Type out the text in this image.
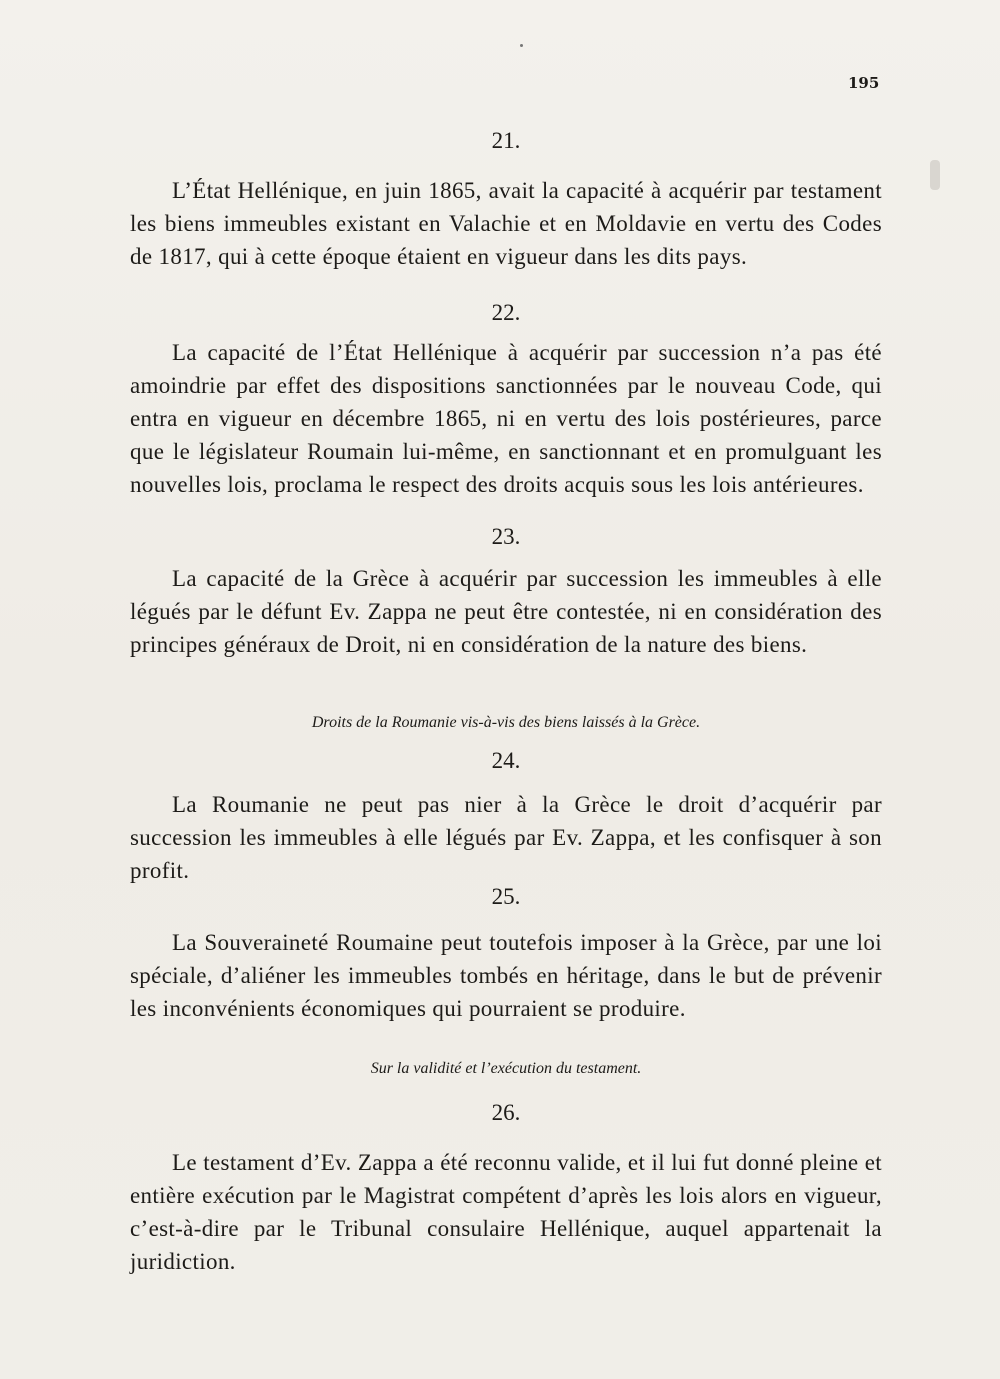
195
21.
L’État Hellénique, en juin 1865, avait la capacité à acquérir par testament les biens immeubles existant en Valachie et en Moldavie en vertu des Codes de 1817, qui à cette époque étaient en vigueur dans les dits pays.
22.
La capacité de l’État Hellénique à acquérir par succession n’a pas été amoindrie par effet des dispositions sanctionnées par le nouveau Code, qui entra en vigueur en décembre 1865, ni en vertu des lois postérieures, parce que le législateur Roumain lui-même, en sanctionnant et en promulguant les nouvelles lois, proclama le respect des droits acquis sous les lois antérieures.
23.
La capacité de la Grèce à acquérir par succession les immeubles à elle légués par le défunt Ev. Zappa ne peut être contestée, ni en considération des principes généraux de Droit, ni en considération de la nature des biens.
Droits de la Roumanie vis-à-vis des biens laissés à la Grèce.
24.
La Roumanie ne peut pas nier à la Grèce le droit d’acquérir par succession les immeubles à elle légués par Ev. Zappa, et les confisquer à son profit.
25.
La Souveraineté Roumaine peut toutefois imposer à la Grèce, par une loi spéciale, d’aliéner les immeubles tombés en héritage, dans le but de prévenir les inconvénients économiques qui pourraient se produire.
Sur la validité et l’exécution du testament.
26.
Le testament d’Ev. Zappa a été reconnu valide, et il lui fut donné pleine et entière exécution par le Magistrat compétent d’après les lois alors en vigueur, c’est-à-dire par le Tribunal consulaire Hellénique, auquel appartenait la juridiction.
